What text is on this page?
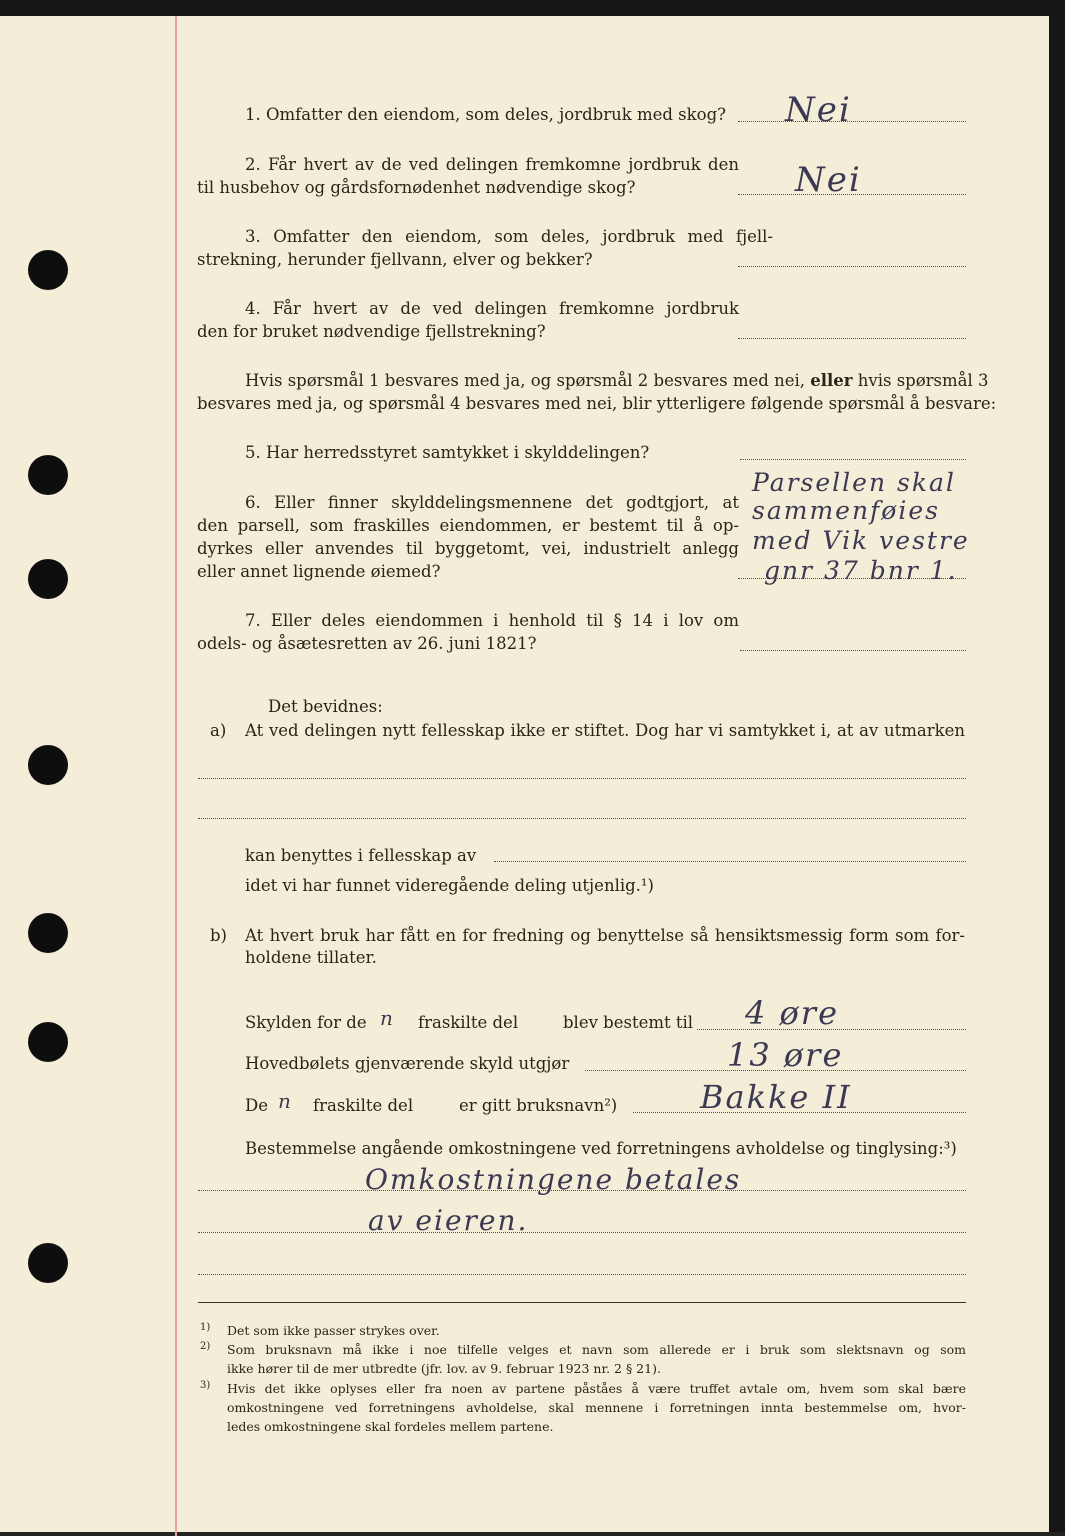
1. Omfatter den eiendom, som deles, jordbruk med skog? Nei
2. Får hvert av de ved delingen fremkomne jordbruk den
til husbehov og gårdsfornødenhet nødvendige skog?	Nei
3. Omfatter den eiendom, som deles, jordbruk med fjell-
strekning, herunder fjellvann, elver og bekker?
4. Får hvert av de ved delingen fremkomne jordbruk
den for bruket nødvendige fjellstrekning?
Hvis spørsmål 1 besvares med ja, og spørsmål 2 besvares med nei, eller hvis spørsmål 3
besvares med ja, og spørsmål 4 besvares med nei, blir ytterligere følgende spørsmål å besvare:
5. Har herredsstyret samtykket i skylddelingen?
6. Eller finner skylddelingsmennene det godtgjort, at
den parsell, som fraskilles eiendommen, er bestemt til å op-
dyrkes eller anvendes til byggetomt, vei, industrielt anlegg
eller annet lignende øiemed?
Parsellen skal
sammenføies
med Vik vestre
gnr 37 bnr 1.
7. Eller deles eiendommen i henhold til § 14 i lov om
odels- og åsætesretten av 26. juni 1821?
Det bevidnes:
a) At ved delingen nytt fellesskap ikke er stiftet. Dog har vi samtykket i, at av utmarken
kan benyttes i fellesskap av
idet vi har funnet videregående deling utjenlig.¹)
b) At hvert bruk har fått en for fredning og benyttelse så hensiktsmessig form som for-
holdene tillater.
Skylden for de n fraskilte del	blev bestemt til 4 øre
Hovedbølets gjenværende skyld utgjør	13 øre
De n fraskilte del	er gitt bruksnavn²)	Bakke II
Bestemmelse angående omkostningene ved forretningens avholdelse og tinglysing:³)
Omkostningene betales
av eieren.
1) Det som ikke passer strykes over.
2) Som bruksnavn må ikke i noe tilfelle velges et navn som allerede er i bruk som slektsnavn og som
ikke hører til de mer utbredte (jfr. lov. av 9. februar 1923 nr. 2 § 21).
3) Hvis det ikke oplyses eller fra noen av partene påståes å være truffet avtale om, hvem som skal bære
omkostningene ved forretningens avholdelse, skal mennene i forretningen innta bestemmelse om, hvor-
ledes omkostningene skal fordeles mellem partene.
